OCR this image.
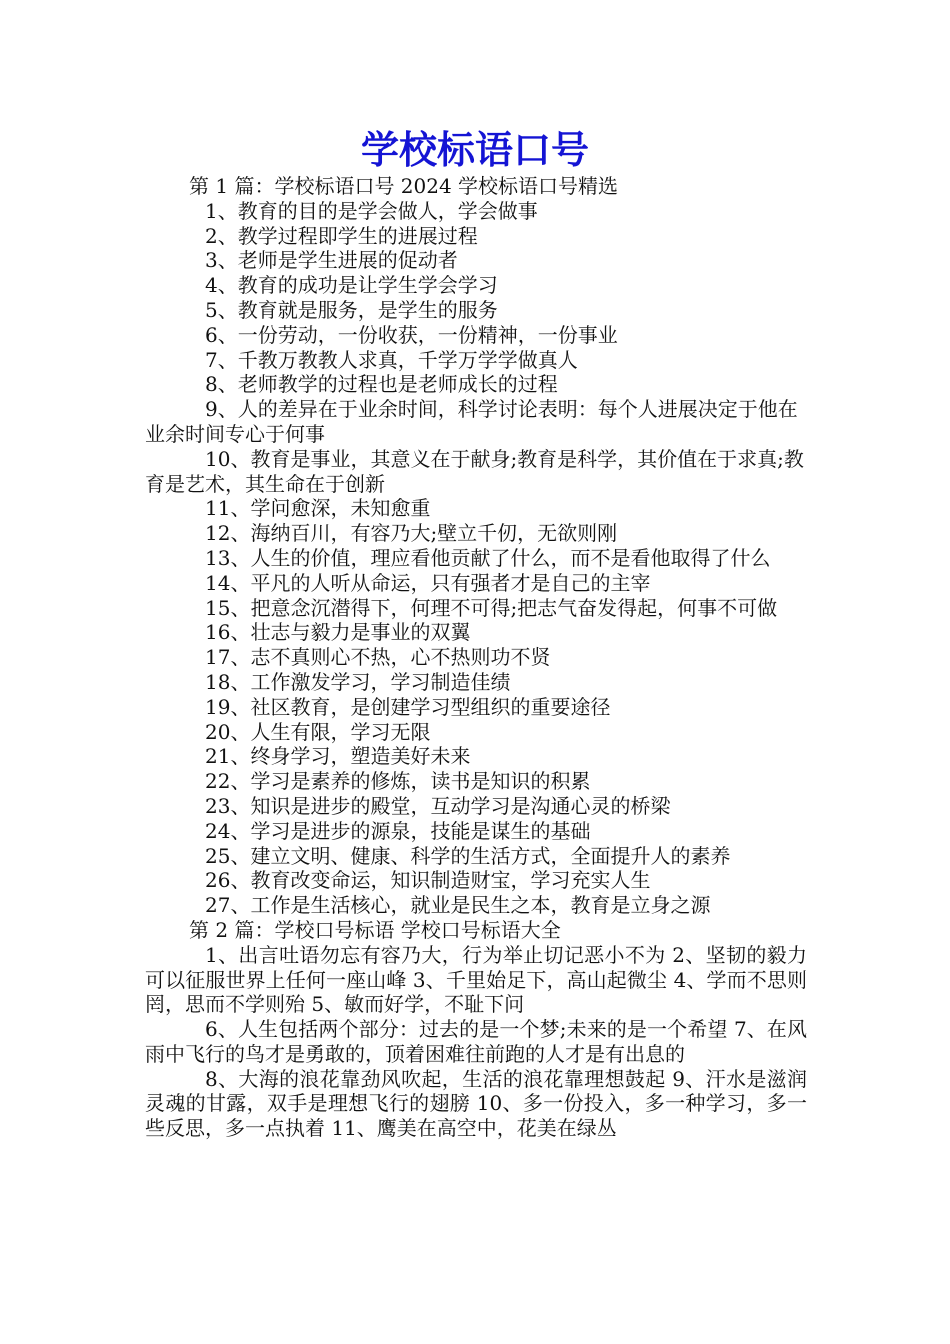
学校标语口号

第 1 篇：学校标语口号 2024 学校标语口号精选

1、教育的目的是学会做人，学会做事

2、教学过程即学生的进展过程

3、老师是学生进展的促动者

4、教育的成功是让学生学会学习

5、教育就是服务，是学生的服务

6、一份劳动，一份收获，一份精神，一份事业

7、千教万教教人求真，千学万学学做真人

8、老师教学的过程也是老师成长的过程

9、人的差异在于业余时间，科学讨论表明：每个人进展决定于他在业余时间专心于何事

10、教育是事业，其意义在于献身;教育是科学，其价值在于求真;教育是艺术，其生命在于创新

11、学问愈深，未知愈重

12、海纳百川，有容乃大;壁立千仞，无欲则刚

13、人生的价值，理应看他贡献了什么，而不是看他取得了什么

14、平凡的人听从命运，只有强者才是自己的主宰

15、把意念沉潜得下，何理不可得;把志气奋发得起，何事不可做

16、壮志与毅力是事业的双翼

17、志不真则心不热，心不热则功不贤

18、工作激发学习，学习制造佳绩

19、社区教育，是创建学习型组织的重要途径

20、人生有限，学习无限

21、终身学习，塑造美好未来

22、学习是素养的修炼，读书是知识的积累

23、知识是进步的殿堂，互动学习是沟通心灵的桥梁

24、学习是进步的源泉，技能是谋生的基础

25、建立文明、健康、科学的生活方式，全面提升人的素养

26、教育改变命运，知识制造财宝，学习充实人生

27、工作是生活核心，就业是民生之本，教育是立身之源

第 2 篇：学校口号标语 学校口号标语大全

1、出言吐语勿忘有容乃大，行为举止切记恶小不为 2、坚韧的毅力可以征服世界上任何一座山峰 3、千里始足下，高山起微尘 4、学而不思则罔，思而不学则殆 5、敏而好学，不耻下问

6、人生包括两个部分：过去的是一个梦;未来的是一个希望 7、在风雨中飞行的鸟才是勇敢的，顶着困难往前跑的人才是有出息的

8、大海的浪花靠劲风吹起，生活的浪花靠理想鼓起 9、汗水是滋润灵魂的甘露，双手是理想飞行的翅膀 10、多一份投入，多一种学习，多一些反思，多一点执着 11、鹰美在高空中，花美在绿丛
